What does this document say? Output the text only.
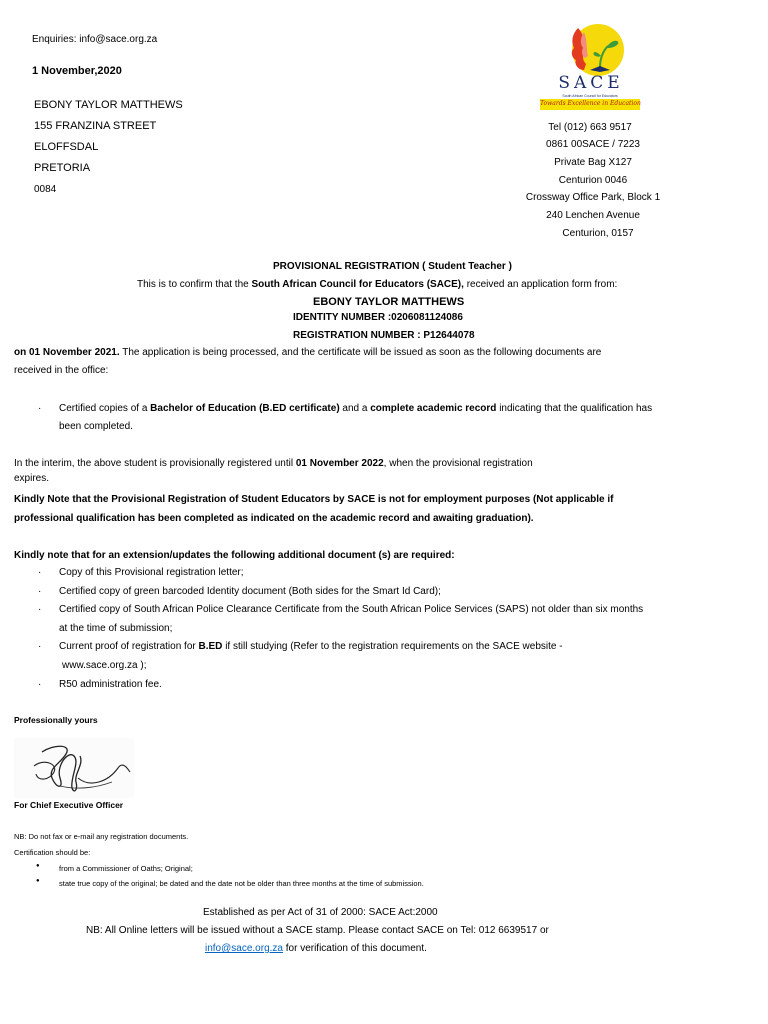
Enquiries: info@sace.org.za
1 November,2020
EBONY TAYLOR MATTHEWS
155 FRANZINA STREET
ELOFFSDAL
PRETORIA
0084
SACE
South African Council for Educators
Towards Excellence in Education
Tel (012) 663 9517
0861 00SACE / 7223
Private Bag X127
Centurion 0046
Crossway Office Park, Block 1
240 Lenchen Avenue
Centurion, 0157
PROVISIONAL REGISTRATION ( Student Teacher )
This is to confirm that the South African Council for Educators (SACE), received an application form from:
EBONY TAYLOR MATTHEWS
IDENTITY NUMBER :0206081124086
REGISTRATION NUMBER : P12644078
on 01 November 2021. The application is being processed, and the certificate will be issued as soon as the following documents are
received in the office:
· Certified copies of a Bachelor of Education (B.ED certificate) and a complete academic record indicating that the qualification has
been completed.
In the interim, the above student is provisionally registered until 01 November 2022, when the provisional registration
expires.
Kindly Note that the Provisional Registration of Student Educators by SACE is not for employment purposes (Not applicable if
professional qualification has been completed as indicated on the academic record and awaiting graduation).
Kindly note that for an extension/updates the following additional document (s) are required:
· Copy of this Provisional registration letter;
· Certified copy of green barcoded Identity document (Both sides for the Smart Id Card);
· Certified copy of South African Police Clearance Certificate from the South African Police Services (SAPS) not older than six months
at the time of submission;
· Current proof of registration for B.ED if still studying (Refer to the registration requirements on the SACE website -
www.sace.org.za );
· R50 administration fee.
Professionally yours
For Chief Executive Officer
NB: Do not fax or e-mail any registration documents.
Certification should be:
●	from a Commissioner of Oaths; Original;
●	state true copy of the original; be dated and the date not be older than three months at the time of submission.
Established as per Act of 31 of 2000: SACE Act:2000
NB: All Online letters will be issued without a SACE stamp. Please contact SACE on Tel: 012 6639517 or
info@sace.org.za for verification of this document.
